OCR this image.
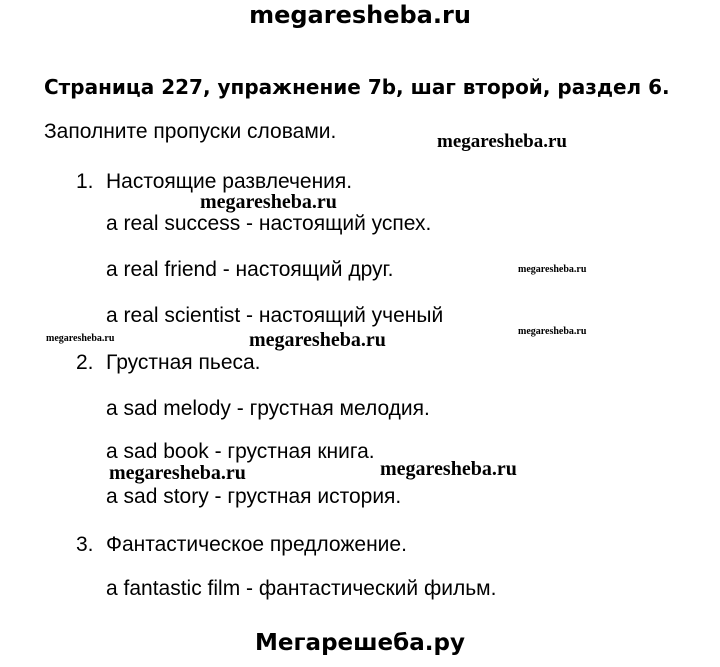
megaresheba.ru
Страница 227, упражнение 7b, шаг второй, раздел 6.
Заполните пропуски словами.
1. Настоящие развлечения.
a real success - настоящий успех.
a real friend - настоящий друг.
a real scientist - настоящий ученый
2. Грустная пьеса.
a sad melody - грустная мелодия.
a sad book - грустная книга.
a sad story - грустная история.
3. Фантастическое предложение.
a fantastic film - фантастический фильм.
megaresheba.ru
megaresheba.ru
megaresheba.ru
megaresheba.ru
megaresheba.ru	megaresheba.ru
megaresheba.ru	megaresheba.ru
Мегарешеба.ру
